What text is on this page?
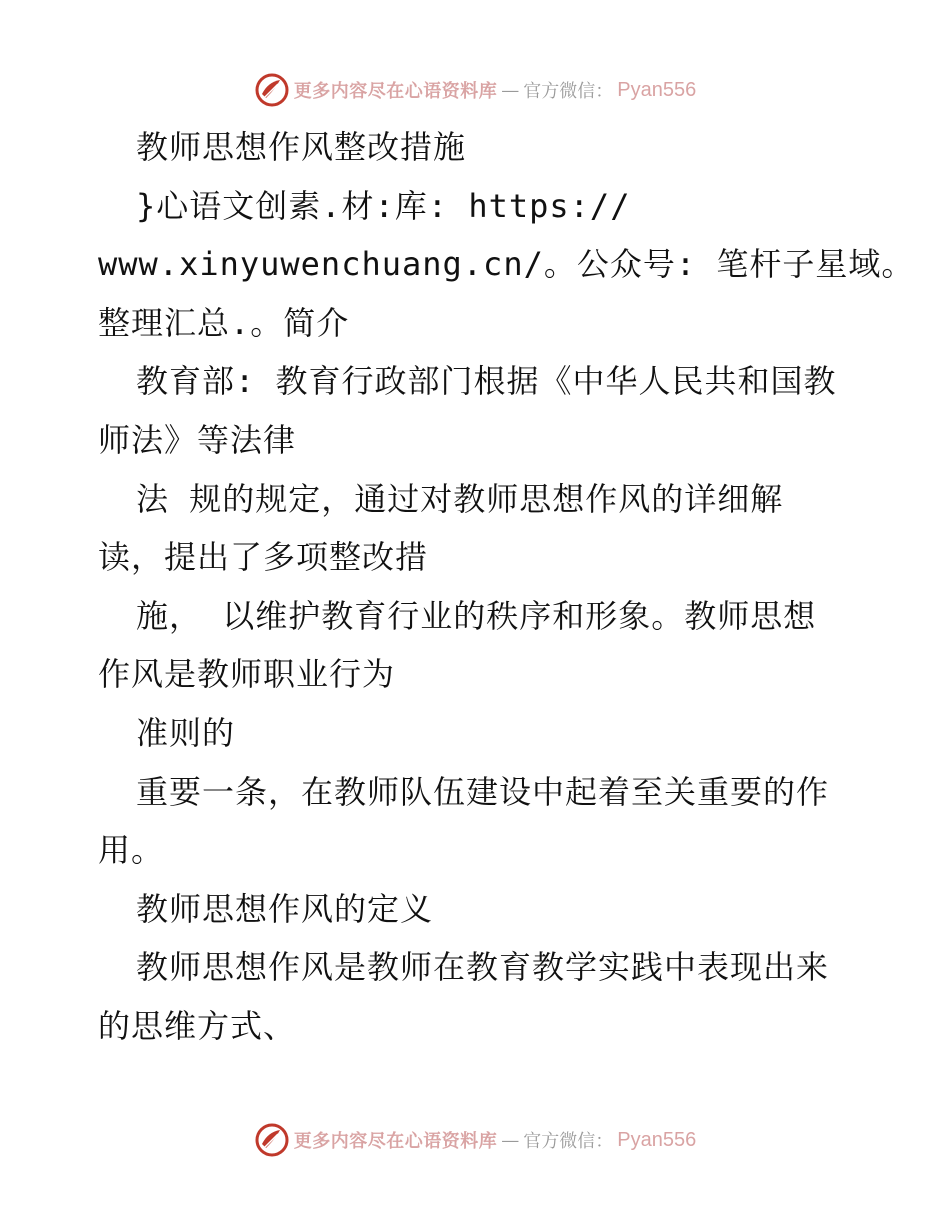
更多内容尽在心语资料库 — 官方微信： Pyan556
教师思想作风整改措施
}心语文创素.材:库: https://
www.xinyuwenchuang.cn/。公众号: 笔杆子星域。
整理汇总.。简介
教育部: 教育行政部门根据《中华人民共和国教
师法》等法律
法 规的规定，通过对教师思想作风的详细解
读，提出了多项整改措
施， 以维护教育行业的秩序和形象。教师思想
作风是教师职业行为
准则的
重要一条，在教师队伍建设中起着至关重要的作
用。
教师思想作风的定义
教师思想作风是教师在教育教学实践中表现出来
的思维方式、
更多内容尽在心语资料库 — 官方微信： Pyan556
